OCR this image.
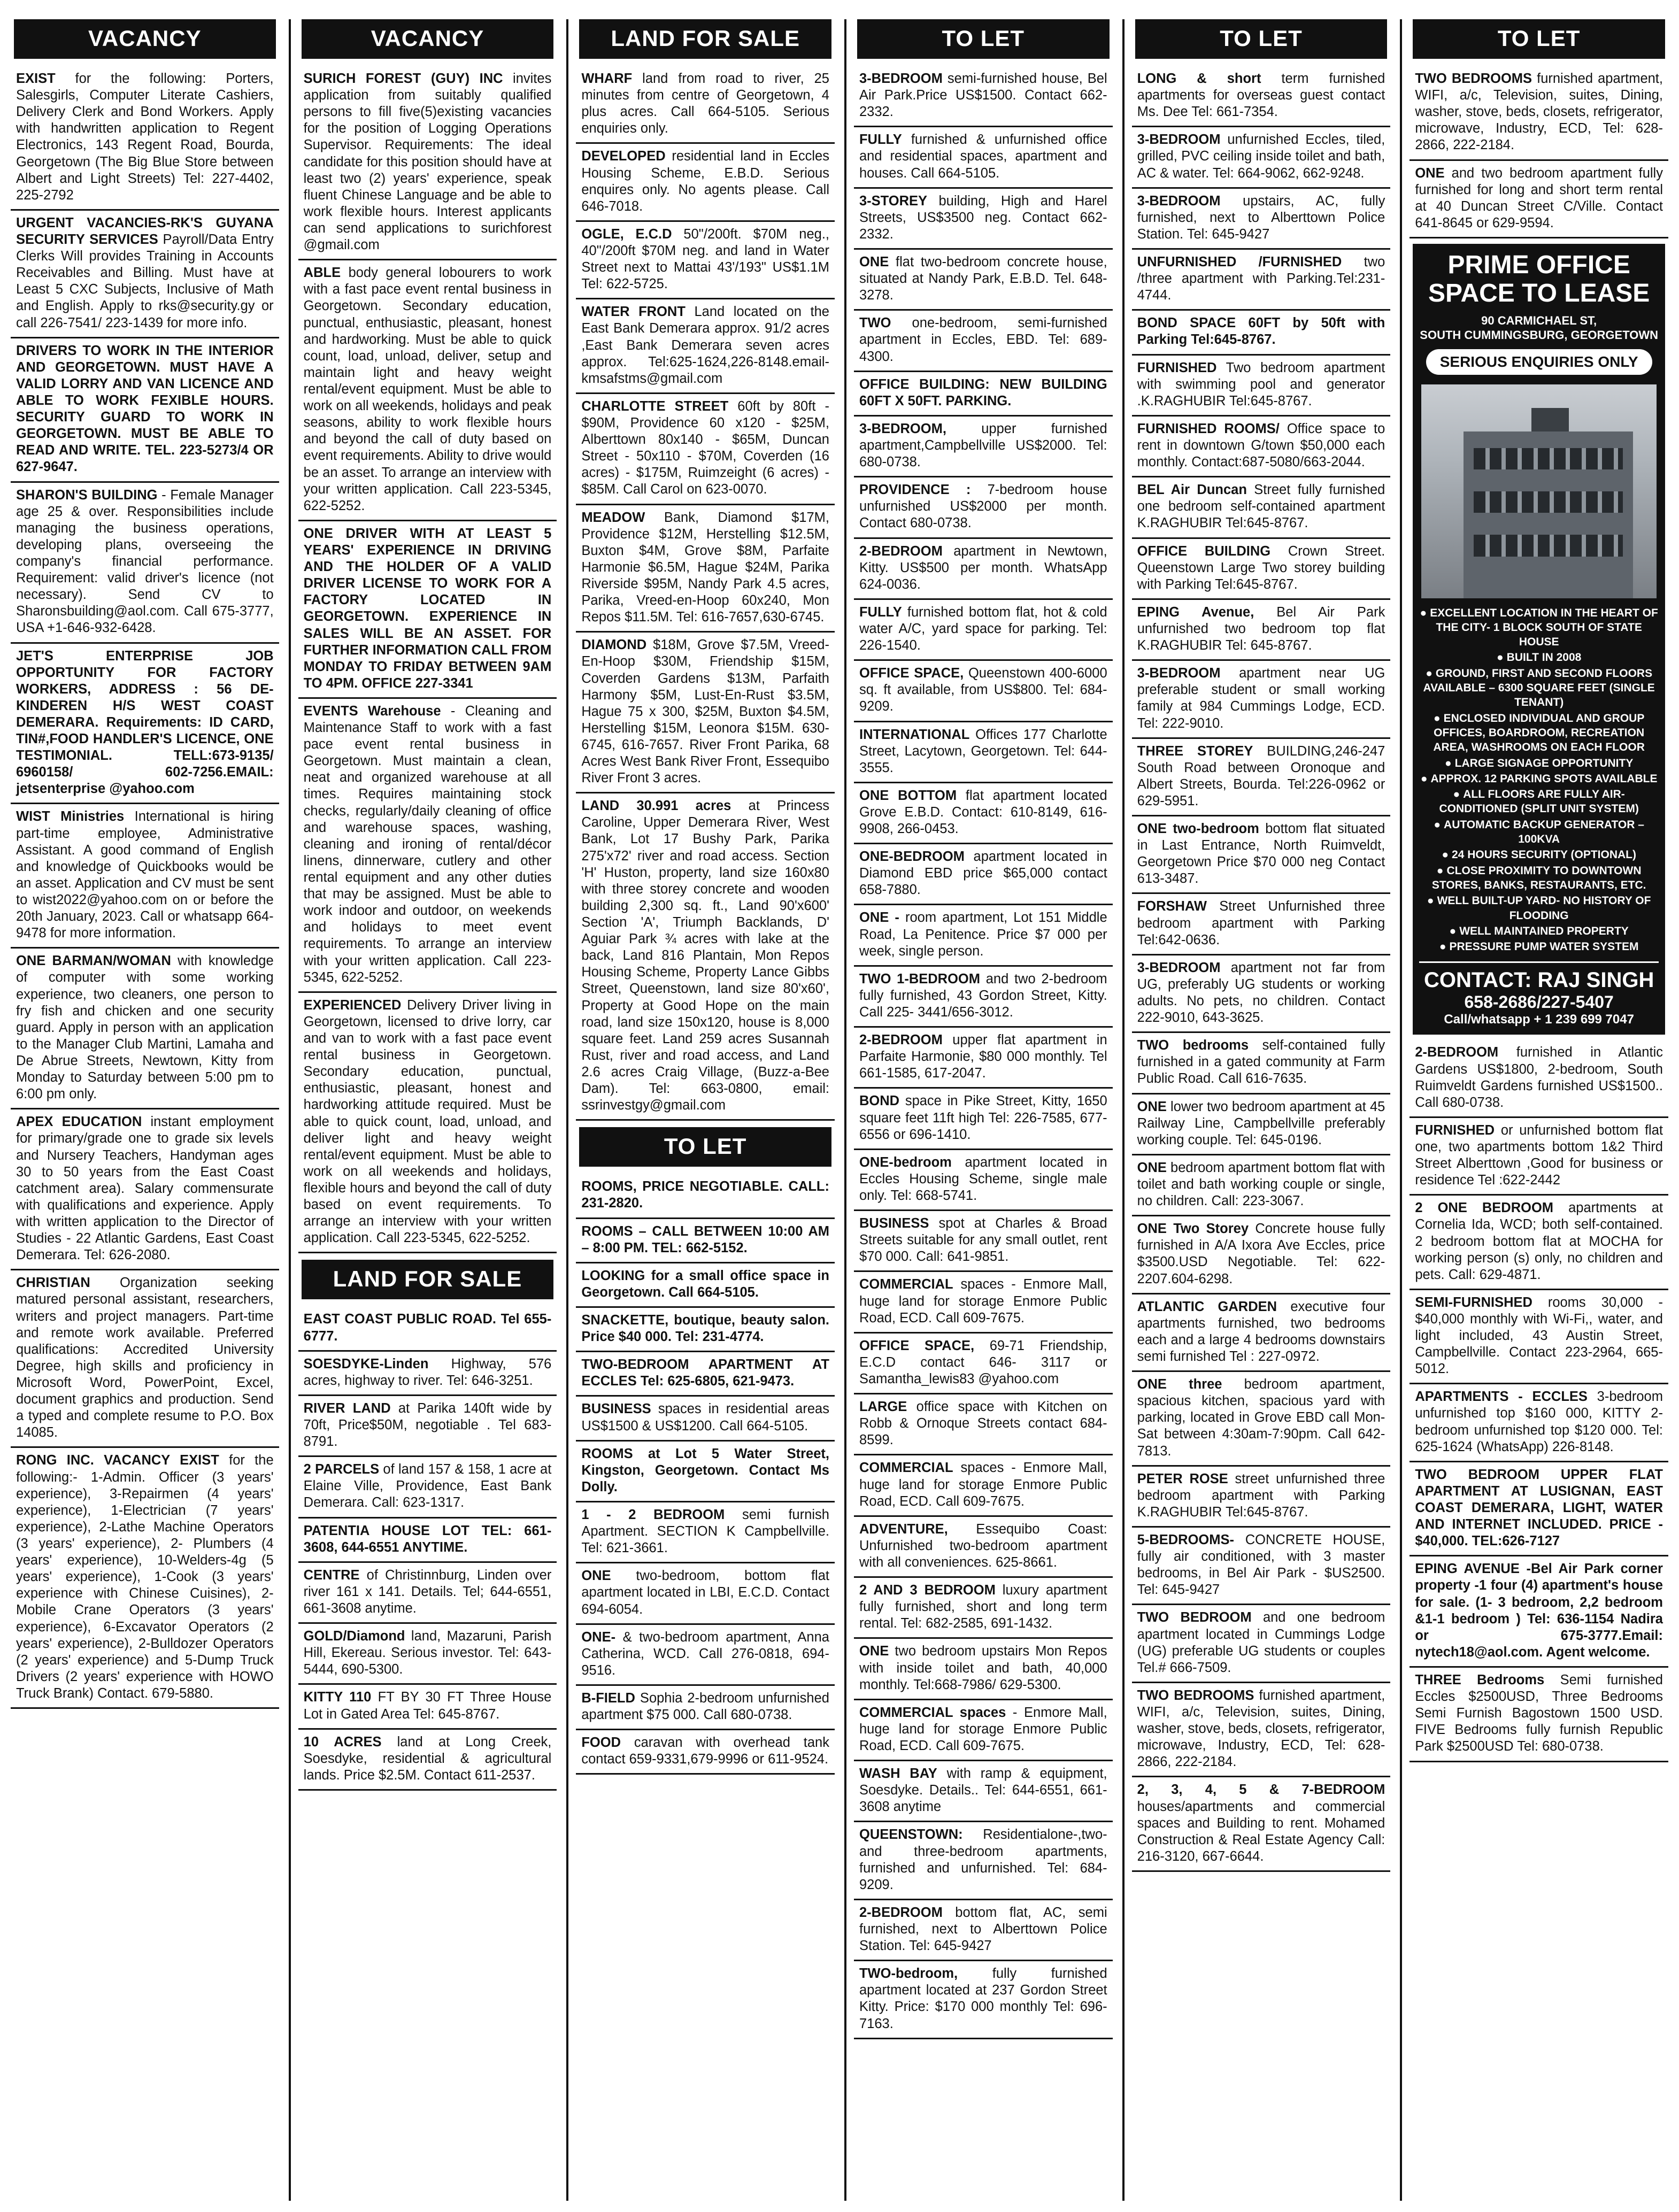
VACANCY

EXIST for the following: Porters, Salesgirls, Computer Literate Cashiers, Delivery Clerk and Bond Workers. Apply with handwritten application to Regent Electronics, 143 Regent Road, Bourda, Georgetown (The Big Blue Store between Albert and Light Streets) Tel: 227-4402, 225-2792

URGENT VACANCIES-RK'S GUYANA SECURITY SERVICES Payroll/Data Entry Clerks Will provides Training in Accounts Receivables and Billing. Must have at Least 5 CXC Subjects, Inclusive of Math and English. Apply to rks@security.gy or call 226-7541/ 223-1439 for more info.

DRIVERS TO WORK IN THE INTERIOR AND GEORGETOWN. MUST HAVE A VALID LORRY AND VAN LICENCE AND ABLE TO WORK FEXIBLE HOURS. SECURITY GUARD TO WORK IN GEORGETOWN. MUST BE ABLE TO READ AND WRITE. TEL. 223-5273/4 OR 627-9647.

SHARON'S BUILDING - Female Manager age 25 & over. Responsibilities include managing the business operations, developing plans, overseeing the company's financial performance. Requirement: valid driver's licence (not necessary). Send CV to Sharonsbuilding@aol.com. Call 675-3777, USA +1-646-932-6428.

JET'S ENTERPRISE JOB OPPORTUNITY FOR FACTORY WORKERS, ADDRESS : 56 DE-KINDEREN H/S WEST COAST DEMERARA. Requirements: ID CARD, TIN#,FOOD HANDLER'S LICENCE, ONE TESTIMONIAL. TELL:673-9135/ 6960158/ 602-7256.EMAIL: jetsenterprise @yahoo.com

WIST Ministries International is hiring part-time employee, Administrative Assistant. A good command of English and knowledge of Quickbooks would be an asset. Application and CV must be sent to wist2022@yahoo.com on or before the 20th January, 2023. Call or whatsapp 664-9478 for more information.

ONE BARMAN/WOMAN with knowledge of computer with some working experience, two cleaners, one person to fry fish and chicken and one security guard. Apply in person with an application to the Manager Club Martini, Lamaha and De Abrue Streets, Newtown, Kitty from Monday to Saturday between 5:00 pm to 6:00 pm only.

APEX EDUCATION instant employment for primary/grade one to grade six levels and Nursery Teachers, Handyman ages 30 to 50 years from the East Coast catchment area). Salary commensurate with qualifications and experience. Apply with written application to the Director of Studies - 22 Atlantic Gardens, East Coast Demerara. Tel: 626-2080.

CHRISTIAN Organization seeking matured personal assistant, researchers, writers and project managers. Part-time and remote work available. Preferred qualifications: Accredited University Degree, high skills and proficiency in Microsoft Word, PowerPoint, Excel, document graphics and production. Send a typed and complete resume to P.O. Box 14085.

RONG INC. VACANCY EXIST for the following:- 1-Admin. Officer (3 years' experience), 3-Repairmen (4 years' experience), 1-Electrician (7 years' experience), 2-Lathe Machine Operators (3 years' experience), 2- Plumbers (4 years' experience), 10-Welders-4g (5 years' experience), 1-Cook (3 years' experience with Chinese Cuisines), 2-Mobile Crane Operators (3 years' experience), 6-Excavator Operators (2 years' experience), 2-Bulldozer Operators (2 years' experience) and 5-Dump Truck Drivers (2 years' experience with HOWO Truck Brank) Contact. 679-5880.

VACANCY

SURICH FOREST (GUY) INC invites application from suitably qualified persons to fill five(5)existing vacancies for the position of Logging Operations Supervisor. Requirements: The ideal candidate for this position should have at least two (2) years' experience, speak fluent Chinese Language and be able to work flexible hours. Interest applicants can send applications to surichforest @gmail.com

ABLE body general lobourers to work with a fast pace event rental business in Georgetown. Secondary education, punctual, enthusiastic, pleasant, honest and hardworking. Must be able to quick count, load, unload, deliver, setup and maintain light and heavy weight rental/event equipment. Must be able to work on all weekends, holidays and peak seasons, ability to work flexible hours and beyond the call of duty based on event requirements. Ability to drive would be an asset. To arrange an interview with your written application. Call 223-5345, 622-5252.

ONE DRIVER WITH AT LEAST 5 YEARS' EXPERIENCE IN DRIVING AND THE HOLDER OF A VALID DRIVER LICENSE TO WORK FOR A FACTORY LOCATED IN GEORGETOWN. EXPERIENCE IN SALES WILL BE AN ASSET. FOR FURTHER INFORMATION CALL FROM MONDAY TO FRIDAY BETWEEN 9AM TO 4PM. OFFICE 227-3341

EVENTS Warehouse - Cleaning and Maintenance Staff to work with a fast pace event rental business in Georgetown. Must maintain a clean, neat and organized warehouse at all times. Requires maintaining stock checks, regularly/daily cleaning of office and warehouse spaces, washing, cleaning and ironing of rental/décor linens, dinnerware, cutlery and other rental equipment and any other duties that may be assigned. Must be able to work indoor and outdoor, on weekends and holidays to meet event requirements. To arrange an interview with your written application. Call 223-5345, 622-5252.

EXPERIENCED Delivery Driver living in Georgetown, licensed to drive lorry, car and van to work with a fast pace event rental business in Georgetown. Secondary education, punctual, enthusiastic, pleasant, honest and hardworking attitude required. Must be able to quick count, load, unload, and deliver light and heavy weight rental/event equipment. Must be able to work on all weekends and holidays, flexible hours and beyond the call of duty based on event requirements. To arrange an interview with your written application. Call 223-5345, 622-5252.

LAND FOR SALE

EAST COAST PUBLIC ROAD. Tel 655-6777.

SOESDYKE-Linden Highway, 576 acres, highway to river. Tel: 646-3251.

RIVER LAND at Parika 140ft wide by 70ft, Price$50M, negotiable . Tel 683-8791.

2 PARCELS of land 157 & 158, 1 acre at Elaine Ville, Providence, East Bank Demerara. Call: 623-1317.

PATENTIA HOUSE LOT TEL: 661-3608, 644-6551 ANYTIME.

CENTRE of Christinnburg, Linden over river 161 x 141. Details. Tel; 644-6551, 661-3608 anytime.

GOLD/Diamond land, Mazaruni, Parish Hill, Ekereau. Serious investor. Tel: 643-5444, 690-5300.

KITTY 110 FT BY 30 FT Three House Lot in Gated Area Tel: 645-8767.

10 ACRES land at Long Creek, Soesdyke, residential & agricultural lands. Price $2.5M. Contact 611-2537.

LAND FOR SALE

WHARF land from road to river, 25 minutes from centre of Georgetown, 4 plus acres. Call 664-5105. Serious enquiries only.

DEVELOPED residential land in Eccles Housing Scheme, E.B.D. Serious enquires only. No agents please. Call 646-7018.

OGLE, E.C.D 50"/200ft. $70M neg., 40"/200ft $70M neg. and land in Water Street next to Mattai 43'/193" US$1.1M Tel: 622-5725.

WATER FRONT Land located on the East Bank Demerara approx. 91/2 acres ,East Bank Demerara seven acres approx. Tel:625-1624,226-8148.email-kmsafstms@gmail.com

CHARLOTTE STREET 60ft by 80ft - $90M, Providence 60 x120 - $25M, Alberttown 80x140 - $65M, Duncan Street - 50x110 - $70M, Coverden (16 acres) - $175M, Ruimzeight (6 acres) - $85M. Call Carol on 623-0070.

MEADOW Bank, Diamond $17M, Providence $12M, Herstelling $12.5M, Buxton $4M, Grove $8M, Parfaite Harmonie $6.5M, Hague $24M, Parika Riverside $95M, Nandy Park 4.5 acres, Parika, Vreed-en-Hoop 60x240, Mon Repos $11.5M. Tel: 616-7657,630-6745.

DIAMOND $18M, Grove $7.5M, Vreed-En-Hoop $30M, Friendship $15M, Coverden Gardens $13M, Parfaith Harmony $5M, Lust-En-Rust $3.5M, Hague 75 x 300, $25M, Buxton $4.5M, Herstelling $15M, Leonora $15M. 630-6745, 616-7657. River Front Parika, 68 Acres West Bank River Front, Essequibo River Front 3 acres.

LAND 30.991 acres at Princess Caroline, Upper Demerara River, West Bank, Lot 17 Bushy Park, Parika 275'x72' river and road access. Section 'H' Huston, property, land size 160x80 with three storey concrete and wooden building 2,300 sq. ft., Land 90'x600' Section 'A', Triumph Backlands, D' Aguiar Park ¾ acres with lake at the back, Land 816 Plantain, Mon Repos Housing Scheme, Property Lance Gibbs Street, Queenstown, land size 80'x60', Property at Good Hope on the main road, land size 150x120, house is 8,000 square feet. Land 259 acres Susannah Rust, river and road access, and Land 2.6 acres Craig Village, (Buzz-a-Bee Dam). Tel: 663-0800, email: ssrinvestgy@gmail.com

TO LET

ROOMS, PRICE NEGOTIABLE. CALL: 231-2820.

ROOMS – CALL BETWEEN 10:00 AM – 8:00 PM. TEL: 662-5152.

LOOKING for a small office space in Georgetown. Call 664-5105.

SNACKETTE, boutique, beauty salon. Price $40 000. Tel: 231-4774.

TWO-BEDROOM APARTMENT AT ECCLES Tel: 625-6805, 621-9473.

BUSINESS spaces in residential areas US$1500 & US$1200. Call 664-5105.

ROOMS at Lot 5 Water Street, Kingston, Georgetown. Contact Ms Dolly.

1 - 2 BEDROOM semi furnish Apartment. SECTION K Campbellville. Tel: 621-3661.

ONE two-bedroom, bottom flat apartment located in LBI, E.C.D. Contact 694-6054.

ONE- & two-bedroom apartment, Anna Catherina, WCD. Call 276-0818, 694-9516.

B-FIELD Sophia 2-bedroom unfurnished apartment $75 000. Call 680-0738.

FOOD caravan with overhead tank contact 659-9331,679-9996 or 611-9524.

TO LET

3-BEDROOM semi-furnished house, Bel Air Park.Price US$1500. Contact 662-2332.

FULLY furnished & unfurnished office and residential spaces, apartment and houses. Call 664-5105.

3-STOREY building, High and Harel Streets, US$3500 neg. Contact 662-2332.

ONE flat two-bedroom concrete house, situated at Nandy Park, E.B.D. Tel. 648-3278.

TWO one-bedroom, semi-furnished apartment in Eccles, EBD. Tel: 689-4300.

OFFICE BUILDING: NEW BUILDING 60FT X 50FT. PARKING.

3-BEDROOM, upper furnished apartment,Campbellville US$2000. Tel: 680-0738.

PROVIDENCE : 7-bedroom house unfurnished US$2000 per month. Contact 680-0738.

2-BEDROOM apartment in Newtown, Kitty. US$500 per month. WhatsApp 624-0036.

FULLY furnished bottom flat, hot & cold water A/C, yard space for parking. Tel: 226-1540.

OFFICE SPACE, Queenstown 400-6000 sq. ft available, from US$800. Tel: 684-9209.

INTERNATIONAL Offices 177 Charlotte Street, Lacytown, Georgetown. Tel: 644-3555.

ONE BOTTOM flat apartment located Grove E.B.D. Contact: 610-8149, 616-9908, 266-0453.

ONE-BEDROOM apartment located in Diamond EBD price $65,000 contact 658-7880.

ONE - room apartment, Lot 151 Middle Road, La Penitence. Price $7 000 per week, single person.

TWO 1-BEDROOM and two 2-bedroom fully furnished, 43 Gordon Street, Kitty. Call 225- 3441/656-3012.

2-BEDROOM upper flat apartment in Parfaite Harmonie, $80 000 monthly. Tel 661-1585, 617-2047.

BOND space in Pike Street, Kitty, 1650 square feet 11ft high Tel: 226-7585, 677-6556 or 696-1410.

ONE-bedroom apartment located in Eccles Housing Scheme, single male only. Tel: 668-5741.

BUSINESS spot at Charles & Broad Streets suitable for any small outlet, rent $70 000. Call: 641-9851.

COMMERCIAL spaces - Enmore Mall, huge land for storage Enmore Public Road, ECD. Call 609-7675.

OFFICE SPACE, 69-71 Friendship, E.C.D contact 646- 3117 or Samantha_lewis83 @yahoo.com

LARGE office space with Kitchen on Robb & Ornoque Streets contact 684-8599.

COMMERCIAL spaces - Enmore Mall, huge land for storage Enmore Public Road, ECD. Call 609-7675.

ADVENTURE, Essequibo Coast: Unfurnished two-bedroom apartment with all conveniences. 625-8661.

2 AND 3 BEDROOM luxury apartment fully furnished, short and long term rental. Tel: 682-2585, 691-1432.

ONE two bedroom upstairs Mon Repos with inside toilet and bath, 40,000 monthly. Tel:668-7986/ 629-5300.

COMMERCIAL spaces - Enmore Mall, huge land for storage Enmore Public Road, ECD. Call 609-7675.

WASH BAY with ramp & equipment, Soesdyke. Details.. Tel: 644-6551, 661-3608 anytime

QUEENSTOWN: Residentialone-,two-and three-bedroom apartments, furnished and unfurnished. Tel: 684-9209.

2-BEDROOM bottom flat, AC, semi furnished, next to Alberttown Police Station. Tel: 645-9427

TWO-bedroom, fully furnished apartment located at 237 Gordon Street Kitty. Price: $170 000 monthly Tel: 696-7163.

TO LET

LONG & short term furnished apartments for overseas guest contact Ms. Dee Tel: 661-7354.

3-BEDROOM unfurnished Eccles, tiled, grilled, PVC ceiling inside toilet and bath, AC & water. Tel: 664-9062, 662-9248.

3-BEDROOM upstairs, AC, fully furnished, next to Alberttown Police Station. Tel: 645-9427

UNFURNISHED /FURNISHED two /three apartment with Parking.Tel:231-4744.

BOND SPACE 60FT by 50ft with Parking Tel:645-8767.

FURNISHED Two bedroom apartment with swimming pool and generator .K.RAGHUBIR Tel:645-8767.

FURNISHED ROOMS/ Office space to rent in downtown G/town $50,000 each monthly. Contact:687-5080/663-2044.

BEL Air Duncan Street fully furnished one bedroom self-contained apartment K.RAGHUBIR Tel:645-8767.

OFFICE BUILDING Crown Street. Queenstown Large Two storey building with Parking Tel:645-8767.

EPING Avenue, Bel Air Park unfurnished two bedroom top flat K.RAGHUBIR Tel: 645-8767.

3-BEDROOM apartment near UG preferable student or small working family at 984 Cummings Lodge, ECD. Tel: 222-9010.

THREE STOREY BUILDING,246-247 South Road between Oronoque and Albert Streets, Bourda. Tel:226-0962 or 629-5951.

ONE two-bedroom bottom flat situated in Last Entrance, North Ruimveldt, Georgetown Price $70 000 neg Contact 613-3487.

FORSHAW Street Unfurnished three bedroom apartment with Parking Tel:642-0636.

3-BEDROOM apartment not far from UG, preferably UG students or working adults. No pets, no children. Contact 222-9010, 643-3625.

TWO bedrooms self-contained fully furnished in a gated community at Farm Public Road. Call 616-7635.

ONE lower two bedroom apartment at 45 Railway Line, Campbellville preferably working couple. Tel: 645-0196.

ONE bedroom apartment bottom flat with toilet and bath working couple or single, no children. Call: 223-3067.

ONE Two Storey Concrete house fully furnished in A/A Ixora Ave Eccles, price $3500.USD Negotiable. Tel: 622-2207.604-6298.

ATLANTIC GARDEN executive four apartments furnished, two bedrooms each and a large 4 bedrooms downstairs semi furnished Tel : 227-0972.

ONE three bedroom apartment, spacious kitchen, spacious yard with parking, located in Grove EBD call Mon-Sat between 4:30am-7:90pm. Call 642-7813.

PETER ROSE street unfurnished three bedroom apartment with Parking K.RAGHUBIR Tel:645-8767.

5-BEDROOMS- CONCRETE HOUSE, fully air conditioned, with 3 master bedrooms, in Bel Air Park - $US2500. Tel: 645-9427

TWO BEDROOM and one bedroom apartment located in Cummings Lodge (UG) preferable UG students or couples Tel.# 666-7509.

TWO BEDROOMS furnished apartment, WIFI, a/c, Television, suites, Dining, washer, stove, beds, closets, refrigerator, microwave, Industry, ECD, Tel: 628-2866, 222-2184.

2, 3, 4, 5 & 7-BEDROOM houses/apartments and commercial spaces and Building to rent. Mohamed Construction & Real Estate Agency Call: 216-3120, 667-6644.

TO LET

TWO BEDROOMS furnished apartment, WIFI, a/c, Television, suites, Dining, washer, stove, beds, closets, refrigerator, microwave, Industry, ECD, Tel: 628-2866, 222-2184.

ONE and two bedroom apartment fully furnished for long and short term rental at 40 Duncan Street C/Ville. Contact 641-8645 or 629-9594.

PRIME OFFICE SPACE TO LEASE
90 CARMICHAEL ST,
SOUTH CUMMINGSBURG, GEORGETOWN
SERIOUS ENQUIRIES ONLY
● EXCELLENT LOCATION IN THE HEART OF THE CITY- 1 BLOCK SOUTH OF STATE HOUSE
● BUILT IN 2008
● GROUND, FIRST AND SECOND FLOORS AVAILABLE – 6300 SQUARE FEET (SINGLE TENANT)
● ENCLOSED INDIVIDUAL AND GROUP OFFICES, BOARDROOM, RECREATION AREA, WASHROOMS ON EACH FLOOR
● LARGE SIGNAGE OPPORTUNITY
● APPROX. 12 PARKING SPOTS AVAILABLE
● ALL FLOORS ARE FULLY AIR-CONDITIONED (SPLIT UNIT SYSTEM)
● AUTOMATIC BACKUP GENERATOR – 100KVA
● 24 HOURS SECURITY (OPTIONAL)
● CLOSE PROXIMITY TO DOWNTOWN STORES, BANKS, RESTAURANTS, ETC.
● WELL BUILT-UP YARD- NO HISTORY OF FLOODING
● WELL MAINTAINED PROPERTY
● PRESSURE PUMP WATER SYSTEM
CONTACT: RAJ SINGH
658-2686/227-5407
Call/whatsapp + 1 239 699 7047

2-BEDROOM furnished in Atlantic Gardens US$1800, 2-bedroom, South Ruimveldt Gardens furnished US$1500.. Call 680-0738.

FURNISHED or unfurnished bottom flat one, two apartments bottom 1&2 Third Street Alberttown ,Good for business or residence Tel :622-2442

2 ONE BEDROOM apartments at Cornelia Ida, WCD; both self-contained. 2 bedroom bottom flat at MOCHA for working person (s) only, no children and pets. Call: 629-4871.

SEMI-FURNISHED rooms 30,000 - $40,000 monthly with Wi-Fi,, water, and light included, 43 Austin Street, Campbellville. Contact 223-2964, 665-5012.

APARTMENTS - ECCLES 3-bedroom unfurnished top $160 000, KITTY 2-bedroom unfurnished top $120 000. Tel: 625-1624 (WhatsApp) 226-8148.

TWO BEDROOM UPPER FLAT APARTMENT AT LUSIGNAN, EAST COAST DEMERARA, LIGHT, WATER AND INTERNET INCLUDED. PRICE - $40,000. TEL:626-7127

EPING AVENUE -Bel Air Park corner property -1 four (4) apartment's house for sale. (1- 3 bedroom, 2,2 bedroom &1-1 bedroom ) Tel: 636-1154 Nadira or 675-3777.Email: nytech18@aol.com. Agent welcome.

THREE Bedrooms Semi furnished Eccles $2500USD, Three Bedrooms Semi Furnish Bagostown 1500 USD. FIVE Bedrooms fully furnish Republic Park $2500USD Tel: 680-0738.
